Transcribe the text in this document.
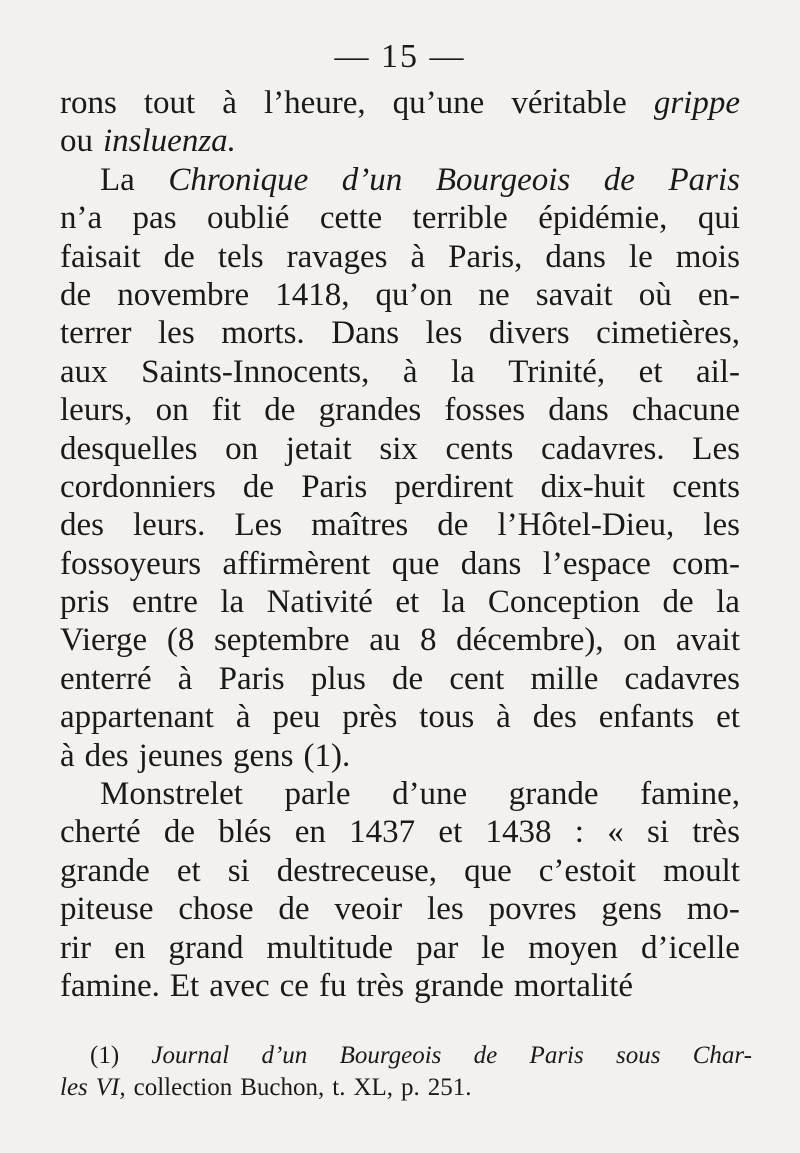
— 15 —
rons tout à l’heure, qu’une véritable grippe
ou insluenza.
La Chronique d’un Bourgeois de Paris
n’a pas oublié cette terrible épidémie, qui
faisait de tels ravages à Paris, dans le mois
de novembre 1418, qu’on ne savait où en-
terrer les morts. Dans les divers cimetières,
aux Saints-Innocents, à la Trinité, et ail-
leurs, on fit de grandes fosses dans chacune
desquelles on jetait six cents cadavres. Les
cordonniers de Paris perdirent dix-huit cents
des leurs. Les maîtres de l’Hôtel-Dieu, les
fossoyeurs affirmèrent que dans l’espace com-
pris entre la Nativité et la Conception de la
Vierge (8 septembre au 8 décembre), on avait
enterré à Paris plus de cent mille cadavres
appartenant à peu près tous à des enfants et
à des jeunes gens (1).
Monstrelet parle d’une grande famine,
cherté de blés en 1437 et 1438 : « si très
grande et si destreceuse, que c’estoit moult
piteuse chose de veoir les povres gens mo-
rir en grand multitude par le moyen d’icelle
famine. Et avec ce fu très grande mortalité
(1) Journal d’un Bourgeois de Paris sous Char-
les VI, collection Buchon, t. XL, p. 251.
